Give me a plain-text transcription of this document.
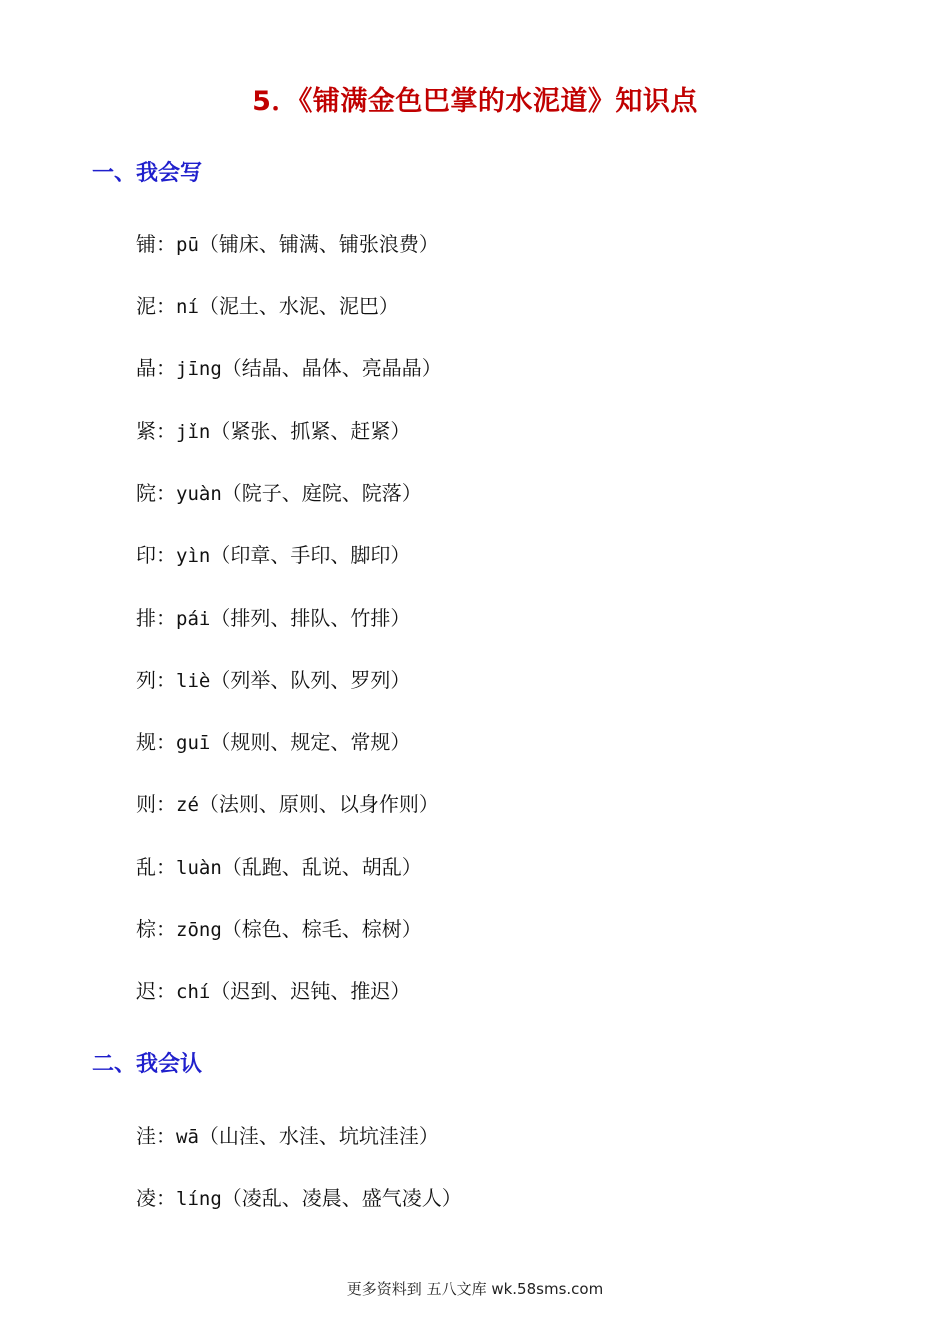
5．《铺满金色巴掌的水泥道》知识点
一、我会写
铺：pū（铺床、铺满、铺张浪费）
泥：ní（泥土、水泥、泥巴）
晶：jīng（结晶、晶体、亮晶晶）
紧：jǐn（紧张、抓紧、赶紧）
院：yuàn（院子、庭院、院落）
印：yìn（印章、手印、脚印）
排：pái（排列、排队、竹排）
列：liè（列举、队列、罗列）
规：guī（规则、规定、常规）
则：zé（法则、原则、以身作则）
乱：luàn（乱跑、乱说、胡乱）
棕：zōng（棕色、棕毛、棕树）
迟：chí（迟到、迟钝、推迟）
二、我会认
洼：wā（山洼、水洼、坑坑洼洼）
凌：líng（凌乱、凌晨、盛气凌人）
更多资料到 五八文库 wk.58sms.com
